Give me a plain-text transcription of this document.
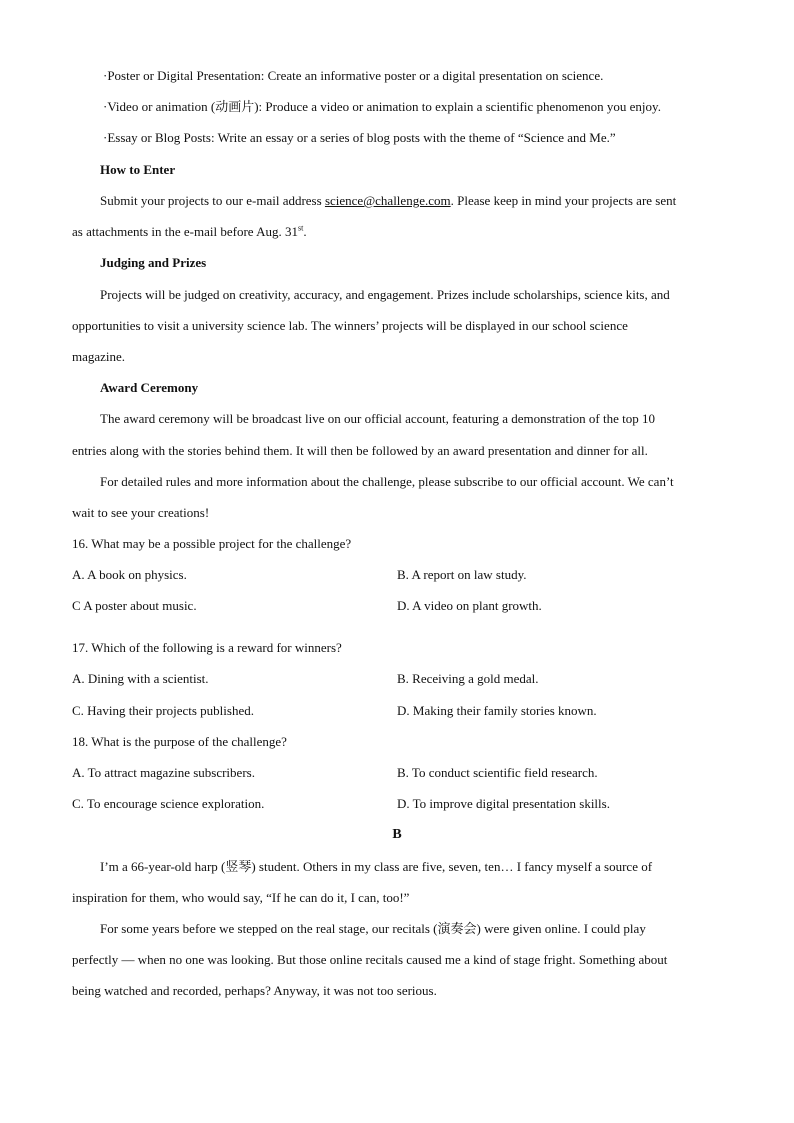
·Poster or Digital Presentation: Create an informative poster or a digital presentation on science.
·Video or animation (动画片): Produce a video or animation to explain a scientific phenomenon you enjoy.
·Essay or Blog Posts: Write an essay or a series of blog posts with the theme of “Science and Me.”
How to Enter
Submit your projects to our e-mail address science@challenge.com. Please keep in mind your projects are sent
as attachments in the e-mail before Aug. 31st.
Judging and Prizes
Projects will be judged on creativity, accuracy, and engagement. Prizes include scholarships, science kits, and
opportunities to visit a university science lab. The winners’ projects will be displayed in our school science
magazine.
Award Ceremony
The award ceremony will be broadcast live on our official account, featuring a demonstration of the top 10
entries along with the stories behind them. It will then be followed by an award presentation and dinner for all.
For detailed rules and more information about the challenge, please subscribe to our official account. We can’t
wait to see your creations!
16. What may be a possible project for the challenge?
A. A book on physics.	B. A report on law study.
C A poster about music.	D. A video on plant growth.
17. Which of the following is a reward for winners?
A. Dining with a scientist.	B. Receiving a gold medal.
C. Having their projects published.	D. Making their family stories known.
18. What is the purpose of the challenge?
A. To attract magazine subscribers.	B. To conduct scientific field research.
C. To encourage science exploration.	D. To improve digital presentation skills.
B
I’m a 66-year-old harp (竖琴) student. Others in my class are five, seven, ten… I fancy myself a source of
inspiration for them, who would say, “If he can do it, I can, too!”
For some years before we stepped on the real stage, our recitals (演奏会) were given online. I could play
perfectly — when no one was looking. But those online recitals caused me a kind of stage fright. Something about
being watched and recorded, perhaps? Anyway, it was not too serious.
